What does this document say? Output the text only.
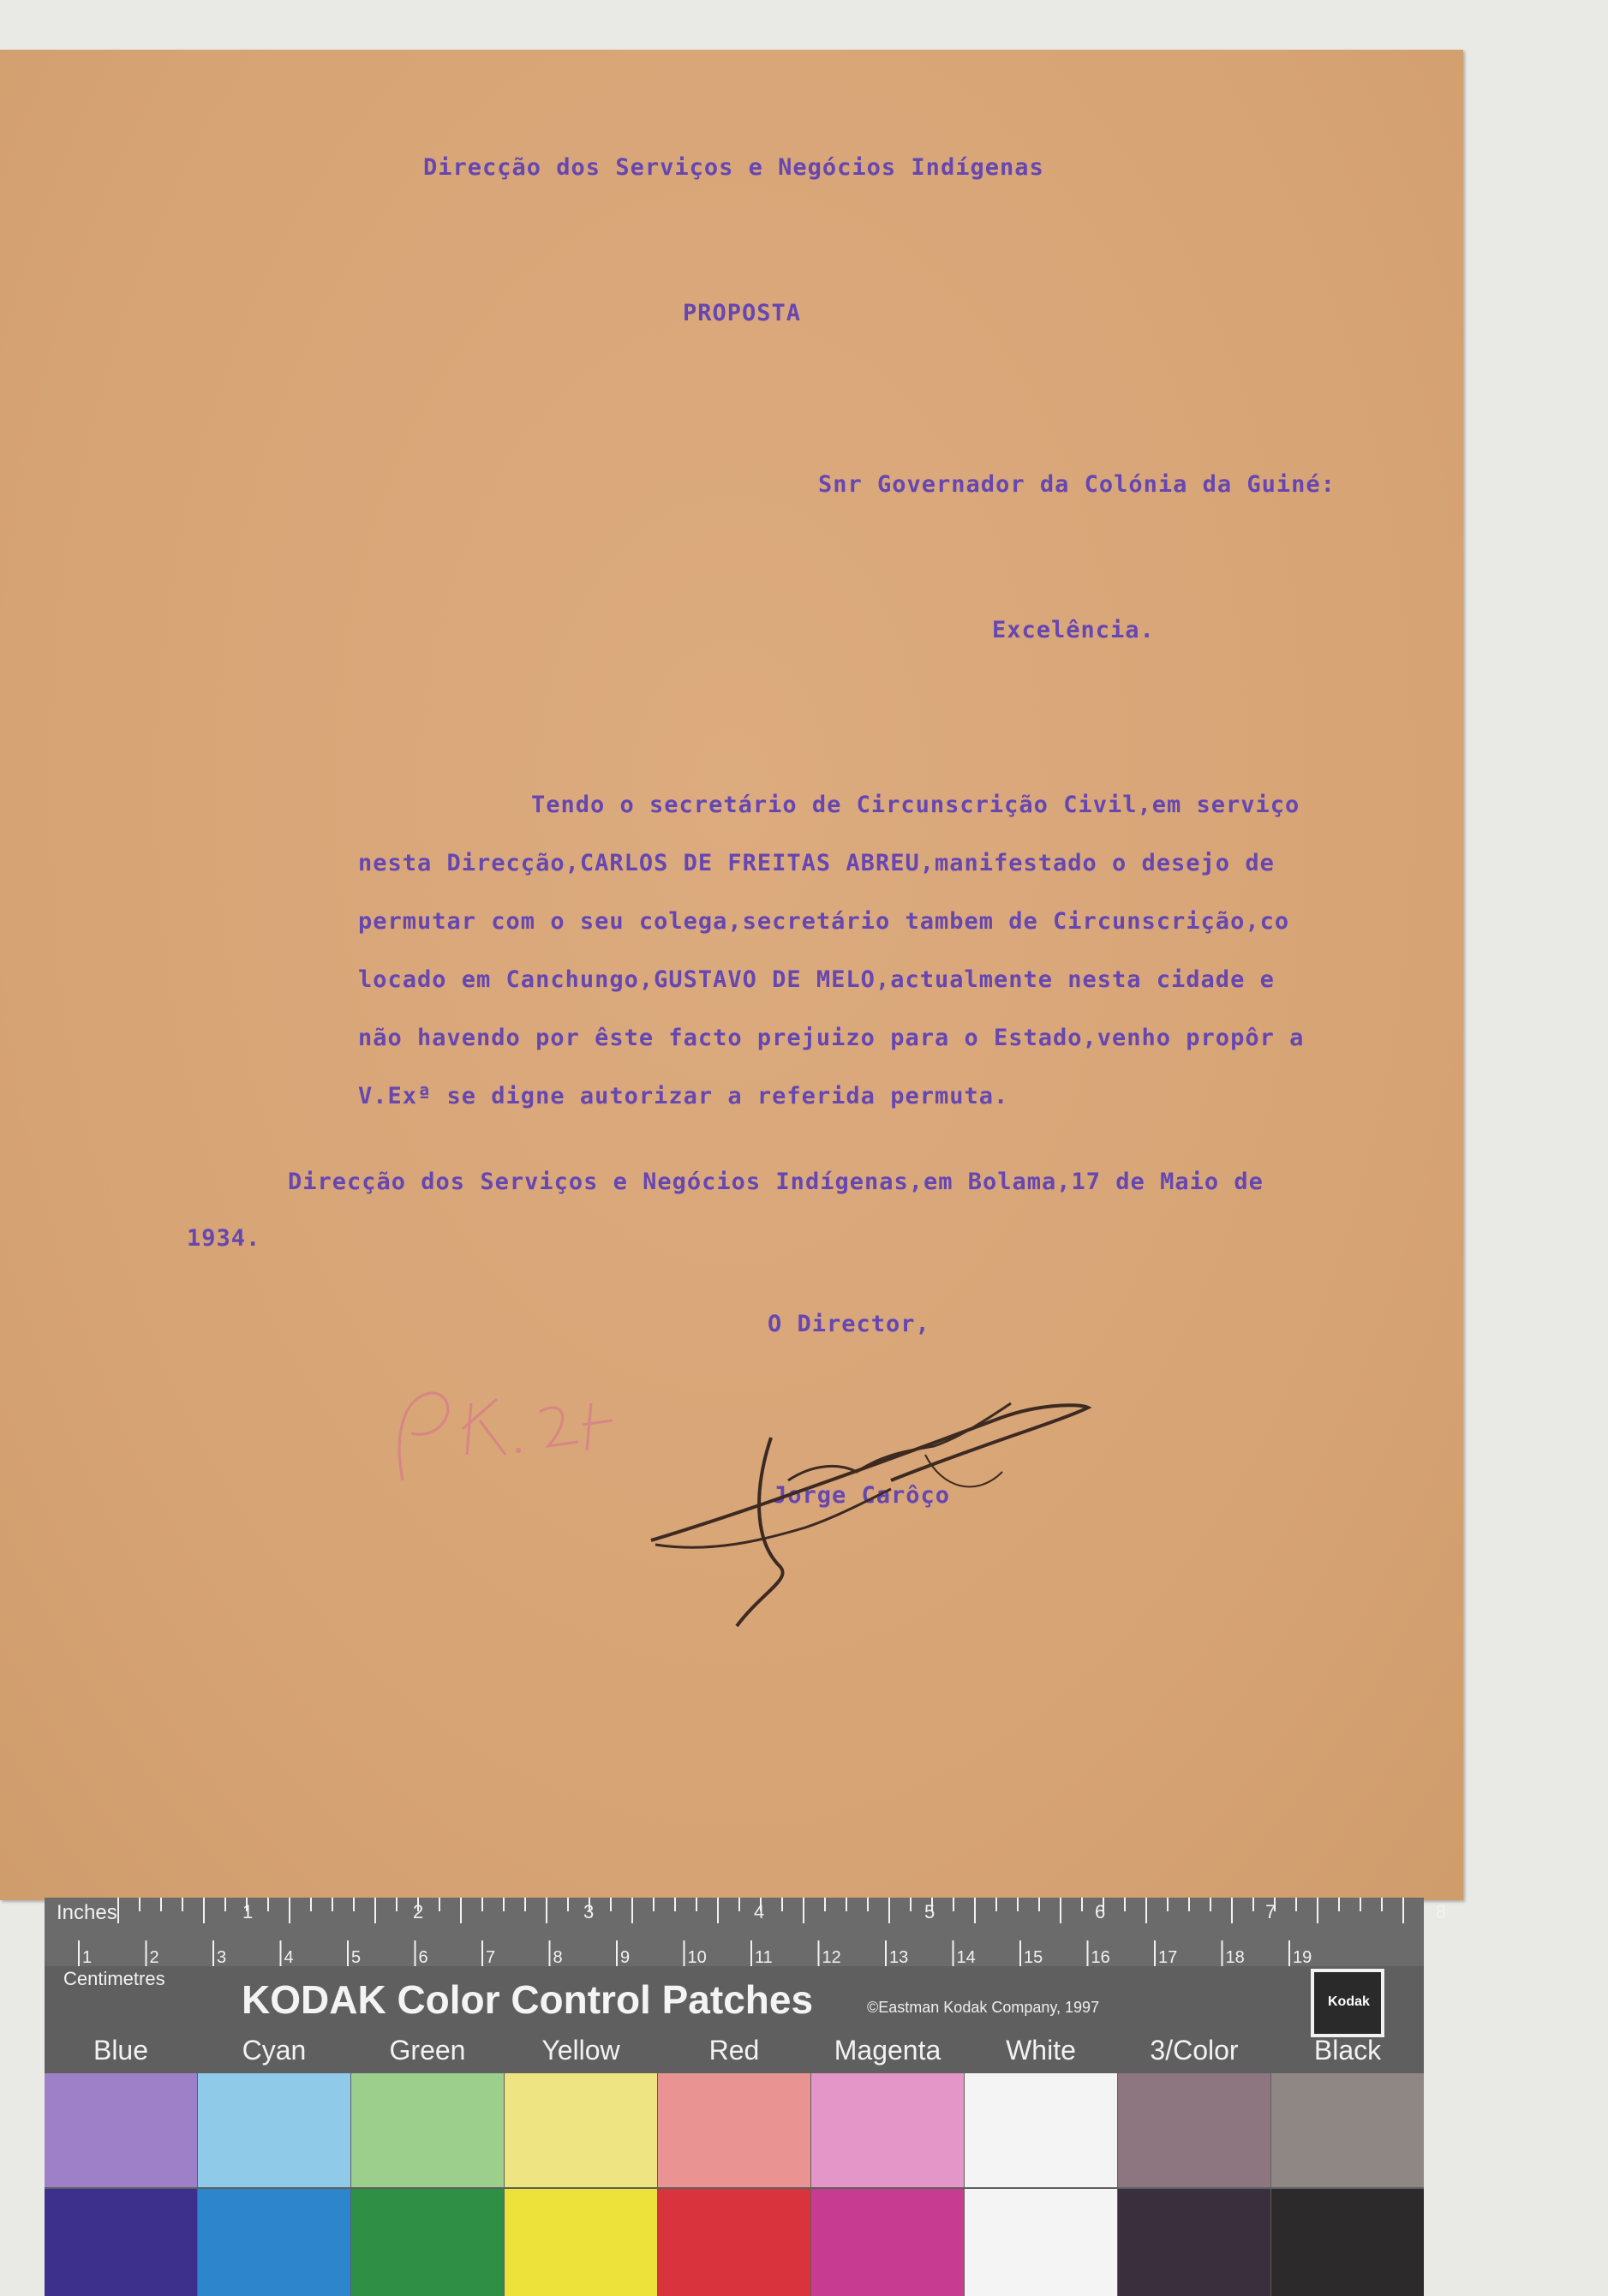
Direcção dos Serviços e Negócios Indígenas
PROPOSTA
Snr Governador da Colónia da Guiné:
Excelência.
Tendo o secretário de Circunscrição Civil,em serviço
nesta Direcção,CARLOS DE FREITAS ABREU,manifestado o desejo de
permutar com o seu colega,secretário tambem de Circunscrição,co
locado em Canchungo,GUSTAVO DE MELO,actualmente nesta cidade e
não havendo por êste facto prejuizo para o Estado,venho propôr a
V.Exª se digne autorizar a referida permuta.
Direcção dos Serviços e Negócios Indígenas,em Bolama,17 de Maio de
1934.
O Director,
Jorge Carôço
1	2	3	4	5	6	7	8
1	2	3	4	5	6	7	8	9	10	11	12	13	14	15	16	17	18	19
Inches
Centimetres KODAK Color Control Patches	©Eastman Kodak Company, 1997	Kodak
Blue	Cyan	Green	Yellow	Red	Magenta	White	3/Color	Black
